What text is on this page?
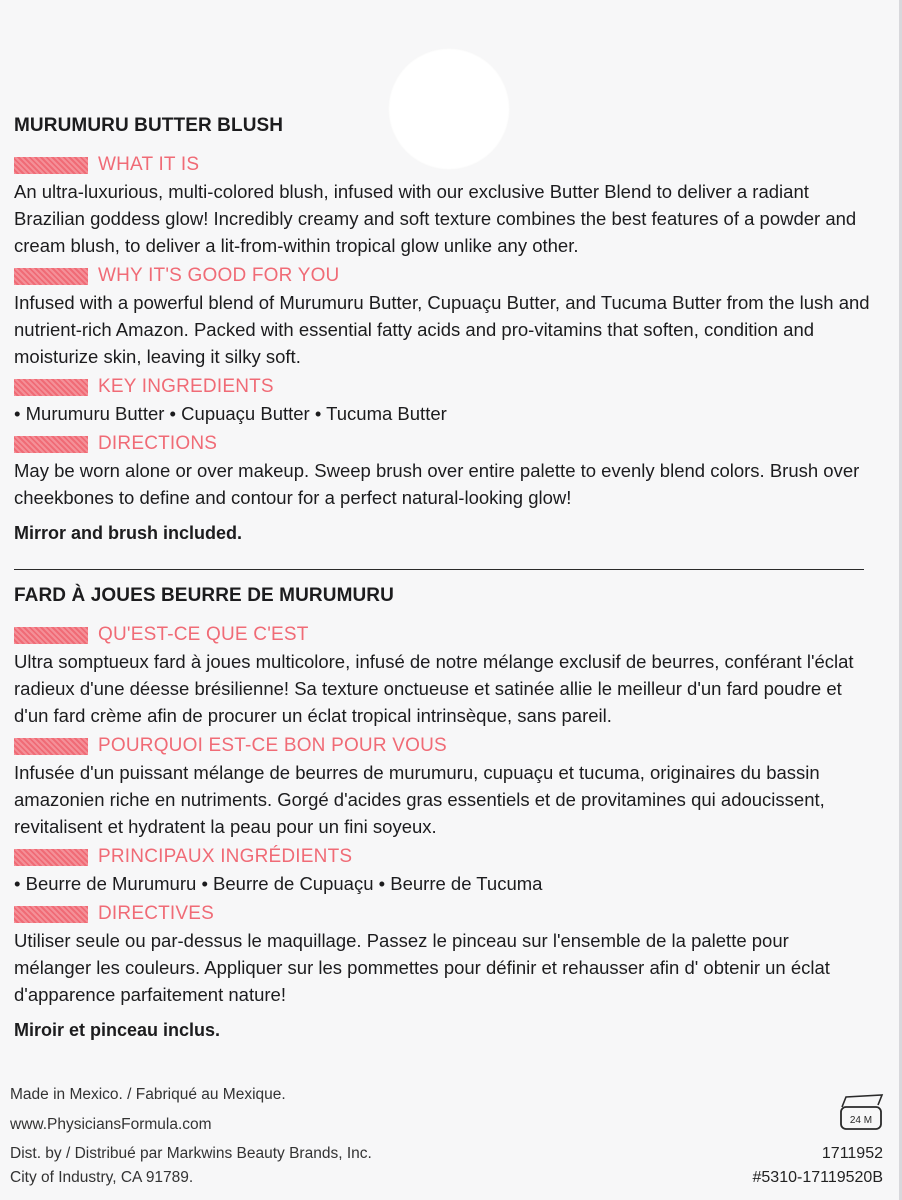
MURUMURU BUTTER BLUSH
WHAT IT IS

An ultra-luxurious, multi-colored blush, infused with our exclusive Butter Blend to deliver a radiant Brazilian goddess glow! Incredibly creamy and soft texture combines the best features of a powder and cream blush, to deliver a lit-from-within tropical glow unlike any other.

WHY IT'S GOOD FOR YOU

Infused with a powerful blend of Murumuru Butter, Cupuaçu Butter, and Tucuma Butter from the lush and nutrient-rich Amazon. Packed with essential fatty acids and pro-vitamins that soften, condition and moisturize skin, leaving it silky soft.

KEY INGREDIENTS

• Murumuru Butter • Cupuaçu Butter • Tucuma Butter

DIRECTIONS

May be worn alone or over makeup. Sweep brush over entire palette to evenly blend colors. Brush over cheekbones to define and contour for a perfect natural-looking glow!

Mirror and brush included.

FARD À JOUES BEURRE DE MURUMURU
QU'EST-CE QUE C'EST

Ultra somptueux fard à joues multicolore, infusé de notre mélange exclusif de beurres, conférant l'éclat radieux d'une déesse brésilienne! Sa texture onctueuse et satinée allie le meilleur d'un fard poudre et d'un fard crème afin de procurer un éclat tropical intrinsèque, sans pareil.

POURQUOI EST-CE BON POUR VOUS

Infusée d'un puissant mélange de beurres de murumuru, cupuaçu et tucuma, originaires du bassin amazonien riche en nutriments. Gorgé d'acides gras essentiels et de provitamines qui adoucissent, revitalisent et hydratent la peau pour un fini soyeux.

PRINCIPAUX INGRÉDIENTS

• Beurre de Murumuru • Beurre de Cupuaçu • Beurre de Tucuma

DIRECTIVES

Utiliser seule ou par-dessus le maquillage. Passez le pinceau sur l'ensemble de la palette pour mélanger les couleurs. Appliquer sur les pommettes pour définir et rehausser afin d' obtenir un éclat d'apparence parfaitement nature!

Miroir et pinceau inclus.

Made in Mexico. / Fabriqué au Mexique.
www.PhysiciansFormula.com
Dist. by / Distribué par Markwins Beauty Brands, Inc.
City of Industry, CA 91789.
24 M
1711952
#5310-17119520B
